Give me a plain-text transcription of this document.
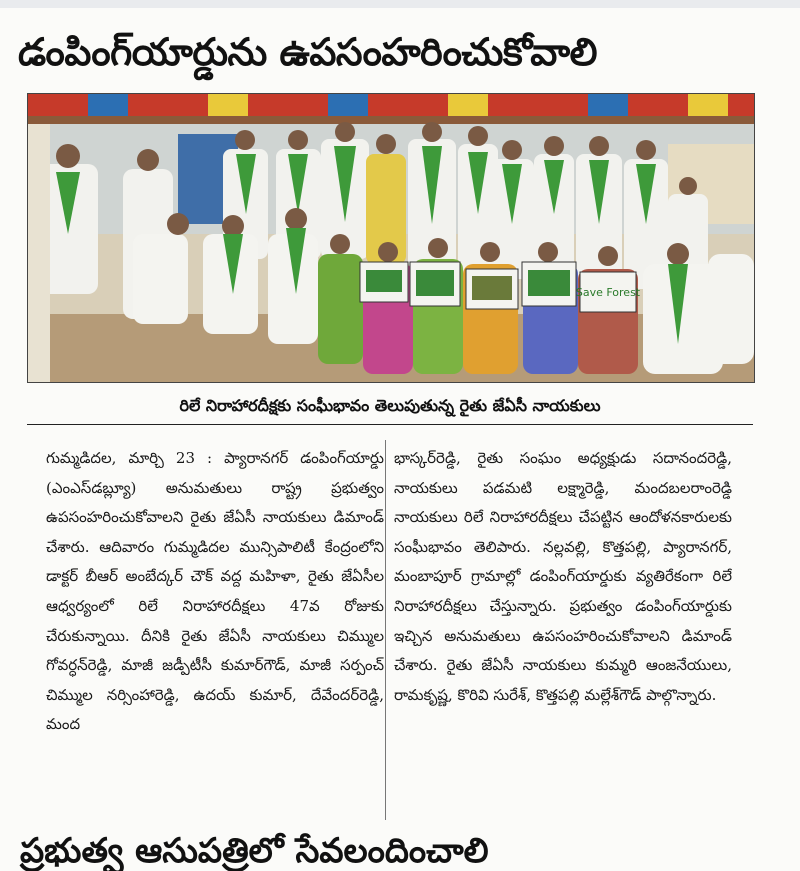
డంపింగ్‌యార్డును ఉపసంహరించుకోవాలి
Save Forest
రిలే నిరాహారదీక్షకు సంఘీభావం తెలుపుతున్న రైతు జేఏసీ నాయకులు
గుమ్మడిదల, మార్చి 23 : ప్యారానగర్ డంపింగ్‌యార్డు (ఎంఎస్‌డబ్ల్యూ) అనుమతులు రాష్ట్ర ప్రభుత్వం ఉపసంహరించుకోవాలని రైతు జేఏసీ నాయకులు డిమాండ్ చేశారు. ఆదివారం గుమ్మడిదల మున్సిపాలిటీ కేంద్రంలోని డాక్టర్ బీఆర్ అంబేద్కర్ చౌక్ వద్ద మహిళా, రైతు జేఏసీల ఆధ్వర్యంలో రిలే నిరాహారదీక్షలు 47వ రోజుకు చేరుకున్నాయి. దీనికి రైతు జేఏసీ నాయకులు చిమ్ముల గోవర్ధన్‌రెడ్డి, మాజీ జడ్పీటీసీ కుమార్‌గౌడ్, మాజీ సర్పంచ్ చిమ్ముల నర్సింహారెడ్డి, ఉదయ్ కుమార్, దేవేందర్‌రెడ్డి, మంద
భాస్కర్‌రెడ్డి, రైతు సంఘం అధ్యక్షుడు సదానందరెడ్డి, నాయకులు పడమటి లక్ష్మారెడ్డి, మందబలరాంరెడ్డి నాయకులు రిలే నిరాహారదీక్షలు చేపట్టిన ఆందోళనకారులకు సంఘీభావం తెలిపారు. నల్లవల్లి, కొత్తపల్లి, ప్యారానగర్, మంబాపూర్ గ్రామాల్లో డంపింగ్‌యార్డుకు వ్యతిరేకంగా రిలే నిరాహారదీక్షలు చేస్తున్నారు. ప్రభుత్వం డంపింగ్‌యార్డుకు ఇచ్చిన అనుమతులు ఉపసంహరించుకోవాలని డిమాండ్ చేశారు. రైతు జేఏసీ నాయకులు కుమ్మరి ఆంజనేయులు, రామకృష్ణ, కొరివి సురేశ్, కొత్తపల్లి మల్లేశ్‌గౌడ్ పాల్గొన్నారు.
ప్రభుత్వ ఆసుపత్రిలో సేవలందించాలి
